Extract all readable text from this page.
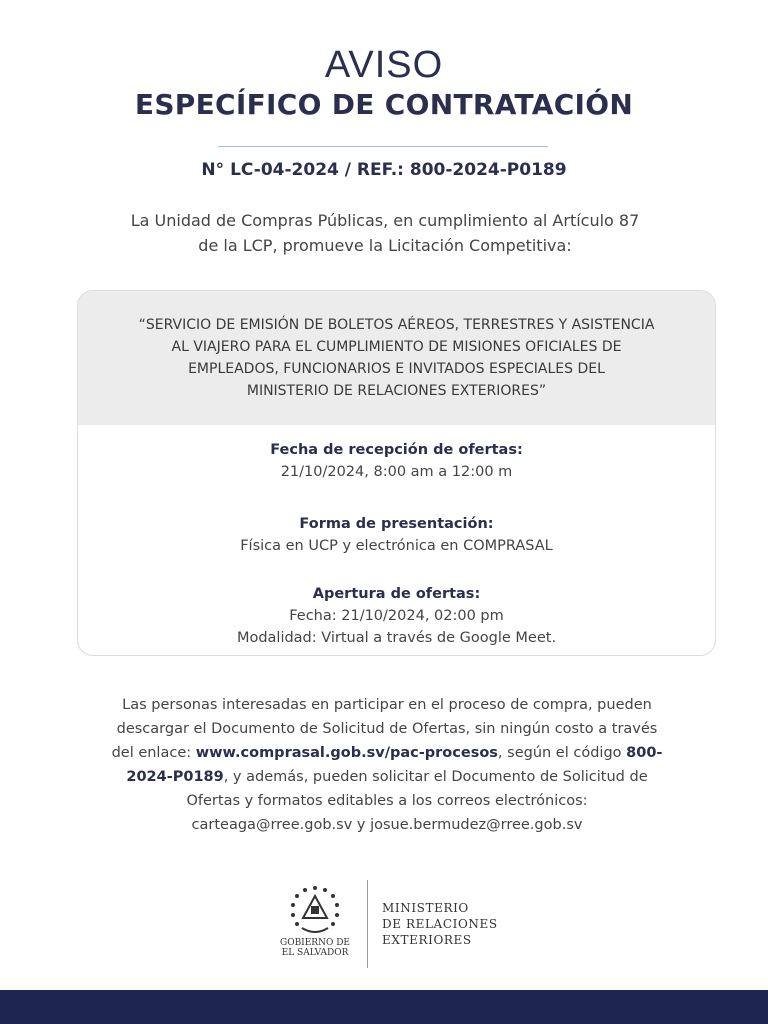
AVISO
ESPECÍFICO DE CONTRATACIÓN
N° LC-04-2024 / REF.: 800-2024-P0189
La Unidad de Compras Públicas, en cumplimiento al Artículo 87
de la LCP, promueve la Licitación Competitiva:
“SERVICIO DE EMISIÓN DE BOLETOS AÉREOS, TERRESTRES Y ASISTENCIA
AL VIAJERO PARA EL CUMPLIMIENTO DE MISIONES OFICIALES DE
EMPLEADOS, FUNCIONARIOS E INVITADOS ESPECIALES DEL
MINISTERIO DE RELACIONES EXTERIORES”
Fecha de recepción de ofertas:
21/10/2024, 8:00 am a 12:00 m
Forma de presentación:
Física en UCP y electrónica en COMPRASAL
Apertura de ofertas:
Fecha: 21/10/2024, 02:00 pm
Modalidad: Virtual a través de Google Meet.
Las personas interesadas en participar en el proceso de compra, pueden
descargar el Documento de Solicitud de Ofertas, sin ningún costo a través
del enlace: www.comprasal.gob.sv/pac-procesos, según el código 800-
2024-P0189, y además, pueden solicitar el Documento de Solicitud de
Ofertas y formatos editables a los correos electrónicos:
carteaga@rree.gob.sv y josue.bermudez@rree.gob.sv
GOBIERNO DE
EL SALVADOR
MINISTERIO
DE RELACIONES
EXTERIORES
